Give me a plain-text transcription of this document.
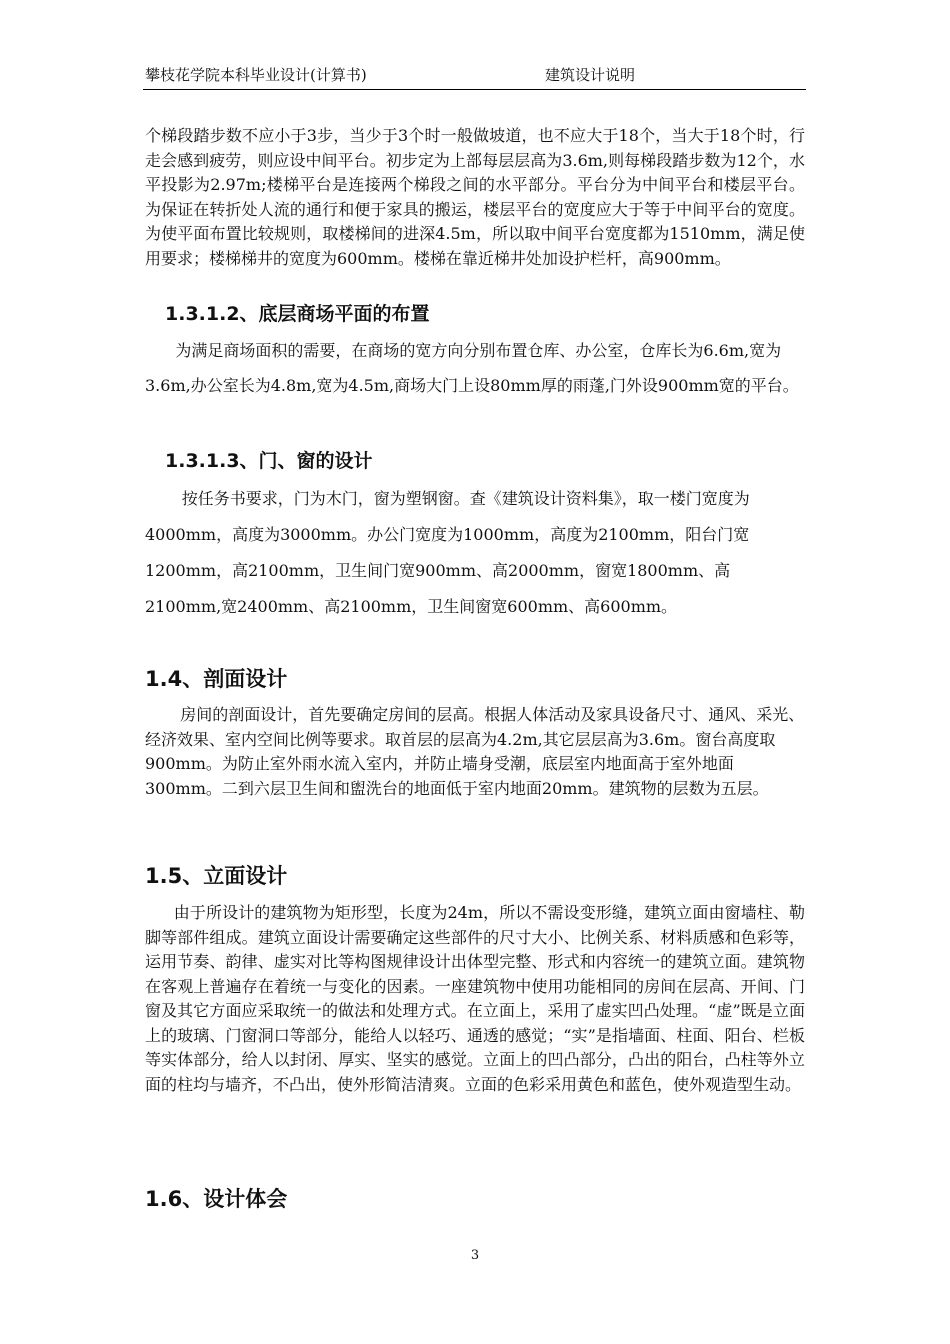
攀枝花学院本科毕业设计(计算书)	建筑设计说明

个梯段踏步数不应小于3步，当少于3个时一般做坡道，也不应大于18个，当大于18个时，行走会感到疲劳，则应设中间平台。初步定为上部每层层高为3.6m,则每梯段踏步数为12个，水平投影为2.97m;楼梯平台是连接两个梯段之间的水平部分。平台分为中间平台和楼层平台。为保证在转折处人流的通行和便于家具的搬运，楼层平台的宽度应大于等于中间平台的宽度。为使平面布置比较规则，取楼梯间的进深4.5m，所以取中间平台宽度都为1510mm，满足使用要求；楼梯梯井的宽度为600mm。楼梯在靠近梯井处加设护栏杆，高900mm。

1.3.1.2、底层商场平面的布置

为满足商场面积的需要，在商场的宽方向分别布置仓库、办公室，仓库长为6.6m,宽为3.6m,办公室长为4.8m,宽为4.5m,商场大门上设80mm厚的雨蓬,门外设900mm宽的平台。

1.3.1.3、门、窗的设计

按任务书要求，门为木门，窗为塑钢窗。查《建筑设计资料集》，取一楼门宽度为4000mm，高度为3000mm。办公门宽度为1000mm，高度为2100mm，阳台门宽1200mm，高2100mm，卫生间门宽900mm、高2000mm，窗宽1800mm、高2100mm,宽2400mm、高2100mm，卫生间窗宽600mm、高600mm。

1.4、剖面设计

房间的剖面设计，首先要确定房间的层高。根据人体活动及家具设备尺寸、通风、采光、经济效果、室内空间比例等要求。取首层的层高为4.2m,其它层层高为3.6m。窗台高度取900mm。为防止室外雨水流入室内，并防止墙身受潮，底层室内地面高于室外地面300mm。二到六层卫生间和盥洗台的地面低于室内地面20mm。建筑物的层数为五层。

1.5、立面设计

由于所设计的建筑物为矩形型，长度为24m，所以不需设变形缝，建筑立面由窗墙柱、勒脚等部件组成。建筑立面设计需要确定这些部件的尺寸大小、比例关系、材料质感和色彩等，运用节奏、韵律、虚实对比等构图规律设计出体型完整、形式和内容统一的建筑立面。建筑物在客观上普遍存在着统一与变化的因素。一座建筑物中使用功能相同的房间在层高、开间、门窗及其它方面应采取统一的做法和处理方式。在立面上，采用了虚实凹凸处理。“虚”既是立面上的玻璃、门窗洞口等部分，能给人以轻巧、通透的感觉；“实”是指墙面、柱面、阳台、栏板等实体部分，给人以封闭、厚实、坚实的感觉。立面上的凹凸部分，凸出的阳台，凸柱等外立面的柱均与墙齐，不凸出，使外形简洁清爽。立面的色彩采用黄色和蓝色，使外观造型生动。

1.6、设计体会
3
